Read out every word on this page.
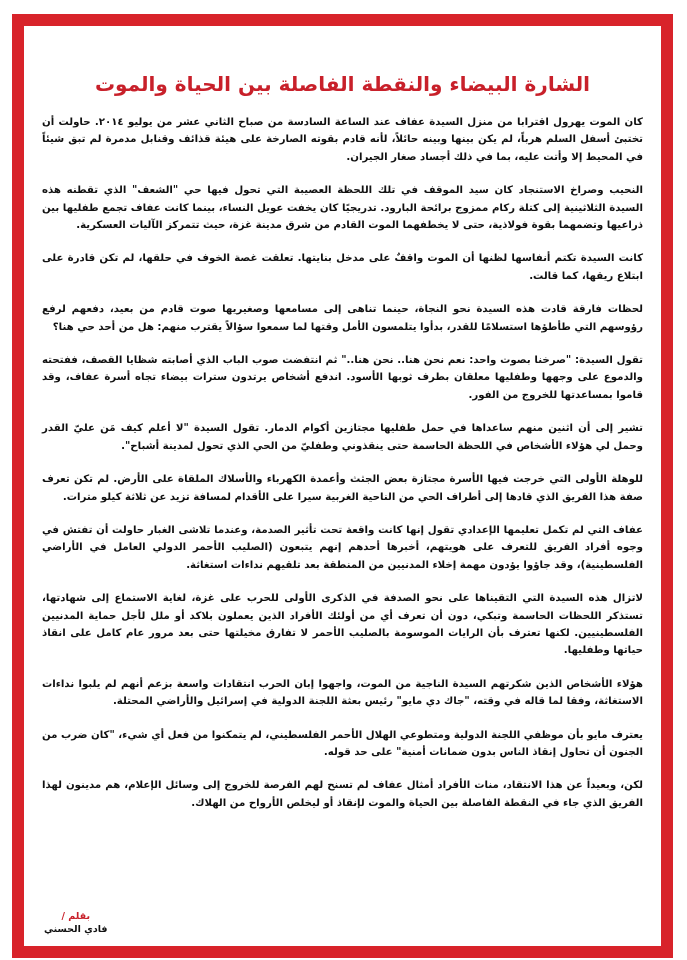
الشارة البيضاء والنقطة الفاصلة بين الحياة والموت

كان الموت يهرول اقترابا من منزل السيدة عفاف عند الساعة السادسة من صباح الثاني عشر من يوليو ٢٠١٤. حاولت أن تختبئ أسفل السلم هرباً، لم يكن بينها وبينه حائلاً، لأنه قادم بقوته الصارخة على هيئة قذائف وقنابل مدمرة لم تبق شيئاً في المحيط إلا وأتت عليه، بما في ذلك أجساد صغار الجيران.

النحيب وصراخ الاستنجاد كان سيد الموقف في تلك اللحظة العصيبة التي تحول فيها حي "الشعف" الذي تقطنه هذه السيدة الثلاثينية إلى كتلة ركام ممزوج برائحة البارود. تدريجيًا كان يخفت عويل النساء، بينما كانت عفاف تجمع طفليها بين ذراعيها وتضمهما بقوة فولاذية، حتى لا يخطفهما الموت القادم من شرق مدينة غزة، حيث تتمركز الآليات العسكرية.

كانت السيدة تكتم أنفاسها لظنها أن الموت واقفٌ على مدخل بنايتها. تعلقت غصة الخوف في حلقها، لم تكن قادرة على ابتلاع ريقها، كما قالت.

لحظات فارقة قادت هذه السيدة نحو النجاة، حينما تناهى إلى مسامعها وصغيريها صوت قادم من بعيد، دفعهم لرفع رؤوسهم التي طأطؤها استسلامًا للقدر، بدأوا يتلمسون الأمل وقتها لما سمعوا سؤالاً يقترب منهم: هل من أحد حي هنا؟

تقول السيدة: "صرخنا بصوت واحد: نعم نحن هنا.. نحن هنا.." ثم انتفضت صوب الباب الذي أصابته شظايا القصف، ففتحته والدموع على وجهها وطفليها معلقان بطرف ثوبها الأسود. اندفع أشخاص يرتدون سترات بيضاء تجاه أسرة عفاف، وقد قاموا بمساعدتها للخروج من الفور.

تشير إلى أن اثنين منهم ساعداها في حمل طفليها مجتازين أكوام الدمار. تقول السيدة "لا أعلم كيف مَن عليّ القدر وحمل لي هؤلاء الأشخاص في اللحظة الحاسمة حتى ينقذوني وطفليّ من الحي الذي تحول لمدينة أشباح".

للوهلة الأولى التي خرجت فيها الأسرة مجتازة بعض الجثث وأعمدة الكهرباء والأسلاك الملقاة على الأرض. لم تكن تعرف صفة هذا الفريق الذي قادها إلى أطراف الحي من الناحية الغربية سيرا على الأقدام لمسافة تزيد عن ثلاثة كيلو مترات.

عفاف التي لم تكمل تعليمها الإعدادي تقول إنها كانت واقعة تحت تأثير الصدمة، وعندما تلاشى الغبار حاولت أن تفتش في وجوه أفراد الفريق للتعرف على هويتهم، أخبرها أحدهم إنهم يتبعون (الصليب الأحمر الدولي العامل في الأراضي الفلسطينية)، وقد جاؤوا يؤدون مهمة إخلاء المدنيين من المنطقة بعد تلقيهم نداءات استغاثة.

لاتزال هذه السيدة التي التقيناها على نحو الصدفة في الذكرى الأولى للحرب على غزة، لغاية الاستماع إلى شهادتها، تستذكر اللحظات الحاسمة وتبكي، دون أن تعرف أي من أولئك الأفراد الذين يعملون بلاكد أو ملل لأجل حماية المدنيين الفلسطينيين. لكنها تعترف بأن الرايات الموسومة بالصليب الأحمر لا تفارق مخيلتها حتى بعد مرور عام كامل على انقاذ حياتها وطفليها.

هؤلاء الأشخاص الذين شكرتهم السيدة الناجية من الموت، واجهوا إبان الحرب انتقادات واسعة بزعم أنهم لم يلبوا نداءات الاستغاثة، وفقا لما قاله في وقته، "جاك دي مايو" رئيس بعثة اللجنة الدولية في إسرائيل والأراضي المحتلة.

يعترف مايو بأن موظفي اللجنة الدولية ومتطوعي الهلال الأحمر الفلسطيني، لم يتمكنوا من فعل أي شيء، "كان ضرب من الجنون أن تحاول إنقاذ الناس بدون ضمانات أمنية" على حد قوله.

لكن، وبعيداً عن هذا الانتقاد، منات الأفراد أمثال عفاف لم تسنح لهم الفرصة للخروج إلى وسائل الإعلام، هم مدينون لهذا الفريق الذي جاء في النقطة الفاصلة بين الحياة والموت لإنقاذ أو ليخلص الأرواح من الهلاك.

بقلم /
فادي الحسني
